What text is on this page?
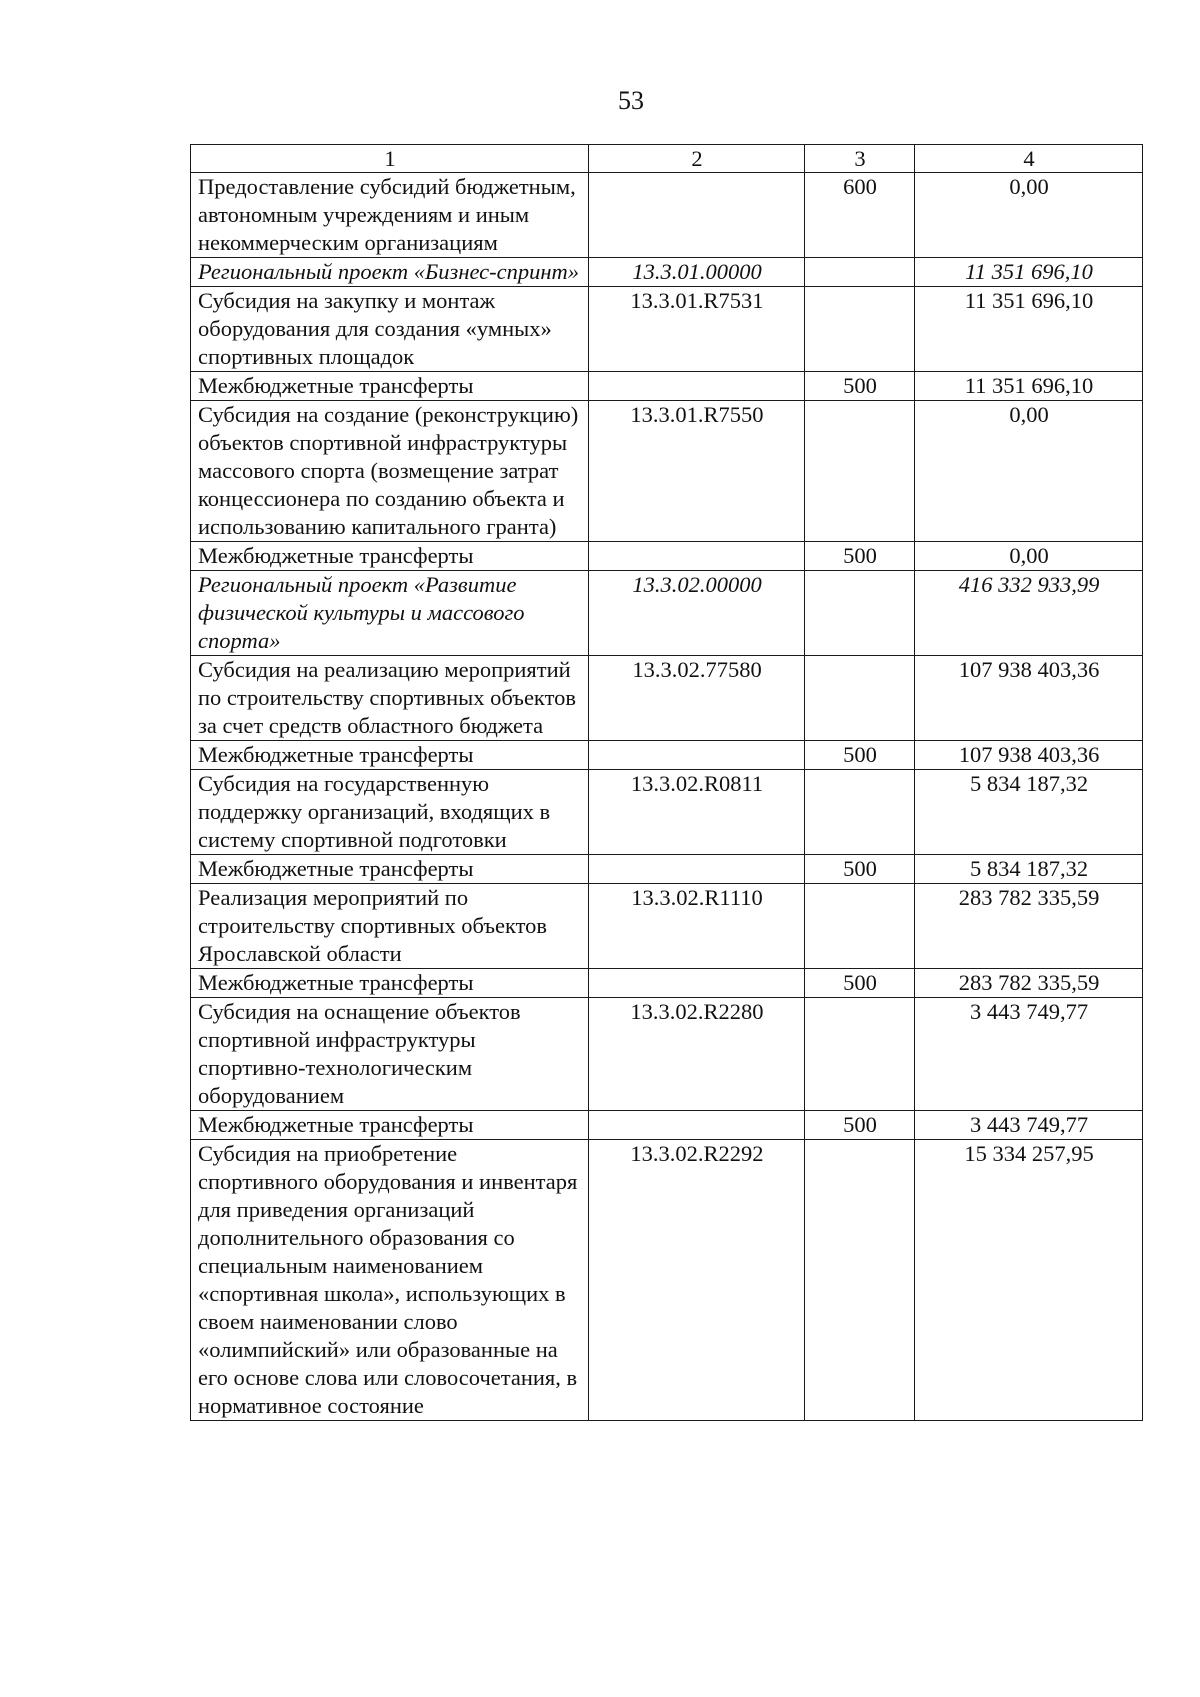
53
1	2	3	4
Предоставление субсидий бюджетным, автономным учреждениям и иным некоммерческим организациям		600	0,00
Региональный проект «Бизнес-спринт»	13.3.01.00000		11 351 696,10
Субсидия на закупку и монтаж оборудования для создания «умных» спортивных площадок	13.3.01.R7531		11 351 696,10
Межбюджетные трансферты		500	11 351 696,10
Субсидия на создание (реконструкцию) объектов спортивной инфраструктуры массового спорта (возмещение затрат концессионера по созданию объекта и использованию капитального гранта)	13.3.01.R7550		0,00
Межбюджетные трансферты		500	0,00
Региональный проект «Развитие физической культуры и массового спорта»	13.3.02.00000		416 332 933,99
Субсидия на реализацию мероприятий по строительству спортивных объектов за счет средств областного бюджета	13.3.02.77580		107 938 403,36
Межбюджетные трансферты		500	107 938 403,36
Субсидия на государственную поддержку организаций, входящих в систему спортивной подготовки	13.3.02.R0811		5 834 187,32
Межбюджетные трансферты		500	5 834 187,32
Реализация мероприятий по строительству спортивных объектов Ярославской области	13.3.02.R1110		283 782 335,59
Межбюджетные трансферты		500	283 782 335,59
Субсидия на оснащение объектов спортивной инфраструктуры спортивно-технологическим оборудованием	13.3.02.R2280		3 443 749,77
Межбюджетные трансферты		500	3 443 749,77
Субсидия на приобретение спортивного оборудования и инвентаря для приведения организаций дополнительного образования со специальным наименованием «спортивная школа», использующих в своем наименовании слово «олимпийский» или образованные на его основе слова или словосочетания, в нормативное состояние	13.3.02.R2292		15 334 257,95
